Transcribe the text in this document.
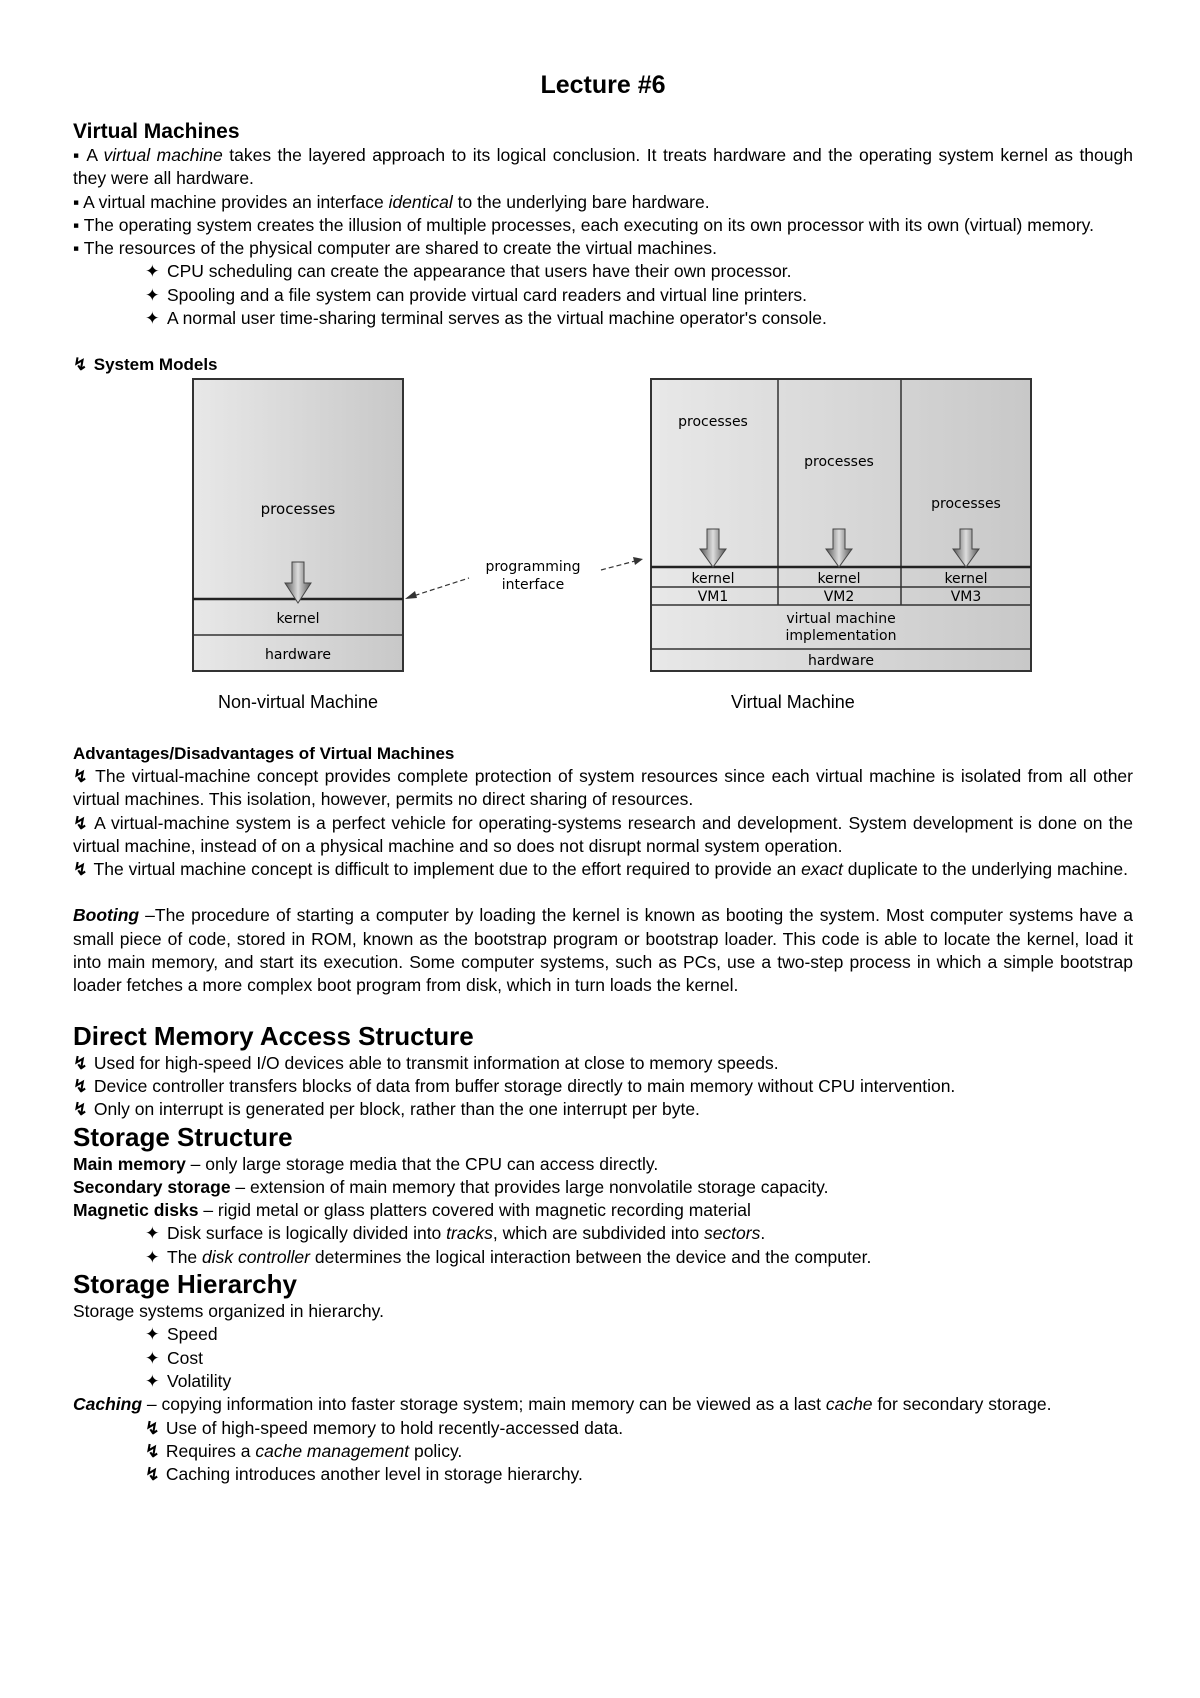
Lecture #6
Virtual Machines

▪ A virtual machine takes the layered approach to its logical conclusion. It treats hardware and the operating system kernel as though they were all hardware.

▪ A virtual machine provides an interface identical to the underlying bare hardware.

▪ The operating system creates the illusion of multiple processes, each executing on its own processor with its own (virtual) memory.

▪ The resources of the physical computer are shared to create the virtual machines.

✦ CPU scheduling can create the appearance that users have their own processor.

✦ Spooling and a file system can provide virtual card readers and virtual line printers.

✦ A normal user time-sharing terminal serves as the virtual machine operator's console.

↯ System Models

processes
kernel
hardware
programming
interface
processes
processes
processes
kernel	kernel	kernel
VM1	VM2	VM3
virtual machine
implementation
hardware
Non-virtual Machine	Virtual Machine

Advantages/Disadvantages of Virtual Machines

↯ The virtual-machine concept provides complete protection of system resources since each virtual machine is isolated from all other virtual machines. This isolation, however, permits no direct sharing of resources.

↯ A virtual-machine system is a perfect vehicle for operating-systems research and development. System development is done on the virtual machine, instead of on a physical machine and so does not disrupt normal system operation.

↯ The virtual machine concept is difficult to implement due to the effort required to provide an exact duplicate to the underlying machine.

Booting –The procedure of starting a computer by loading the kernel is known as booting the system. Most computer systems have a small piece of code, stored in ROM, known as the bootstrap program or bootstrap loader. This code is able to locate the kernel, load it into main memory, and start its execution. Some computer systems, such as PCs, use a two-step process in which a simple bootstrap loader fetches a more complex boot program from disk, which in turn loads the kernel.

Direct Memory Access Structure

↯ Used for high-speed I/O devices able to transmit information at close to memory speeds.

↯ Device controller transfers blocks of data from buffer storage directly to main memory without CPU intervention.

↯ Only on interrupt is generated per block, rather than the one interrupt per byte.

Storage Structure

Main memory – only large storage media that the CPU can access directly.

Secondary storage – extension of main memory that provides large nonvolatile storage capacity.

Magnetic disks – rigid metal or glass platters covered with magnetic recording material

✦ Disk surface is logically divided into tracks, which are subdivided into sectors.

✦ The disk controller determines the logical interaction between the device and the computer.

Storage Hierarchy

Storage systems organized in hierarchy.

✦ Speed

✦ Cost

✦ Volatility

Caching – copying information into faster storage system; main memory can be viewed as a last cache for secondary storage.

↯ Use of high-speed memory to hold recently-accessed data.

↯ Requires a cache management policy.

↯ Caching introduces another level in storage hierarchy.
